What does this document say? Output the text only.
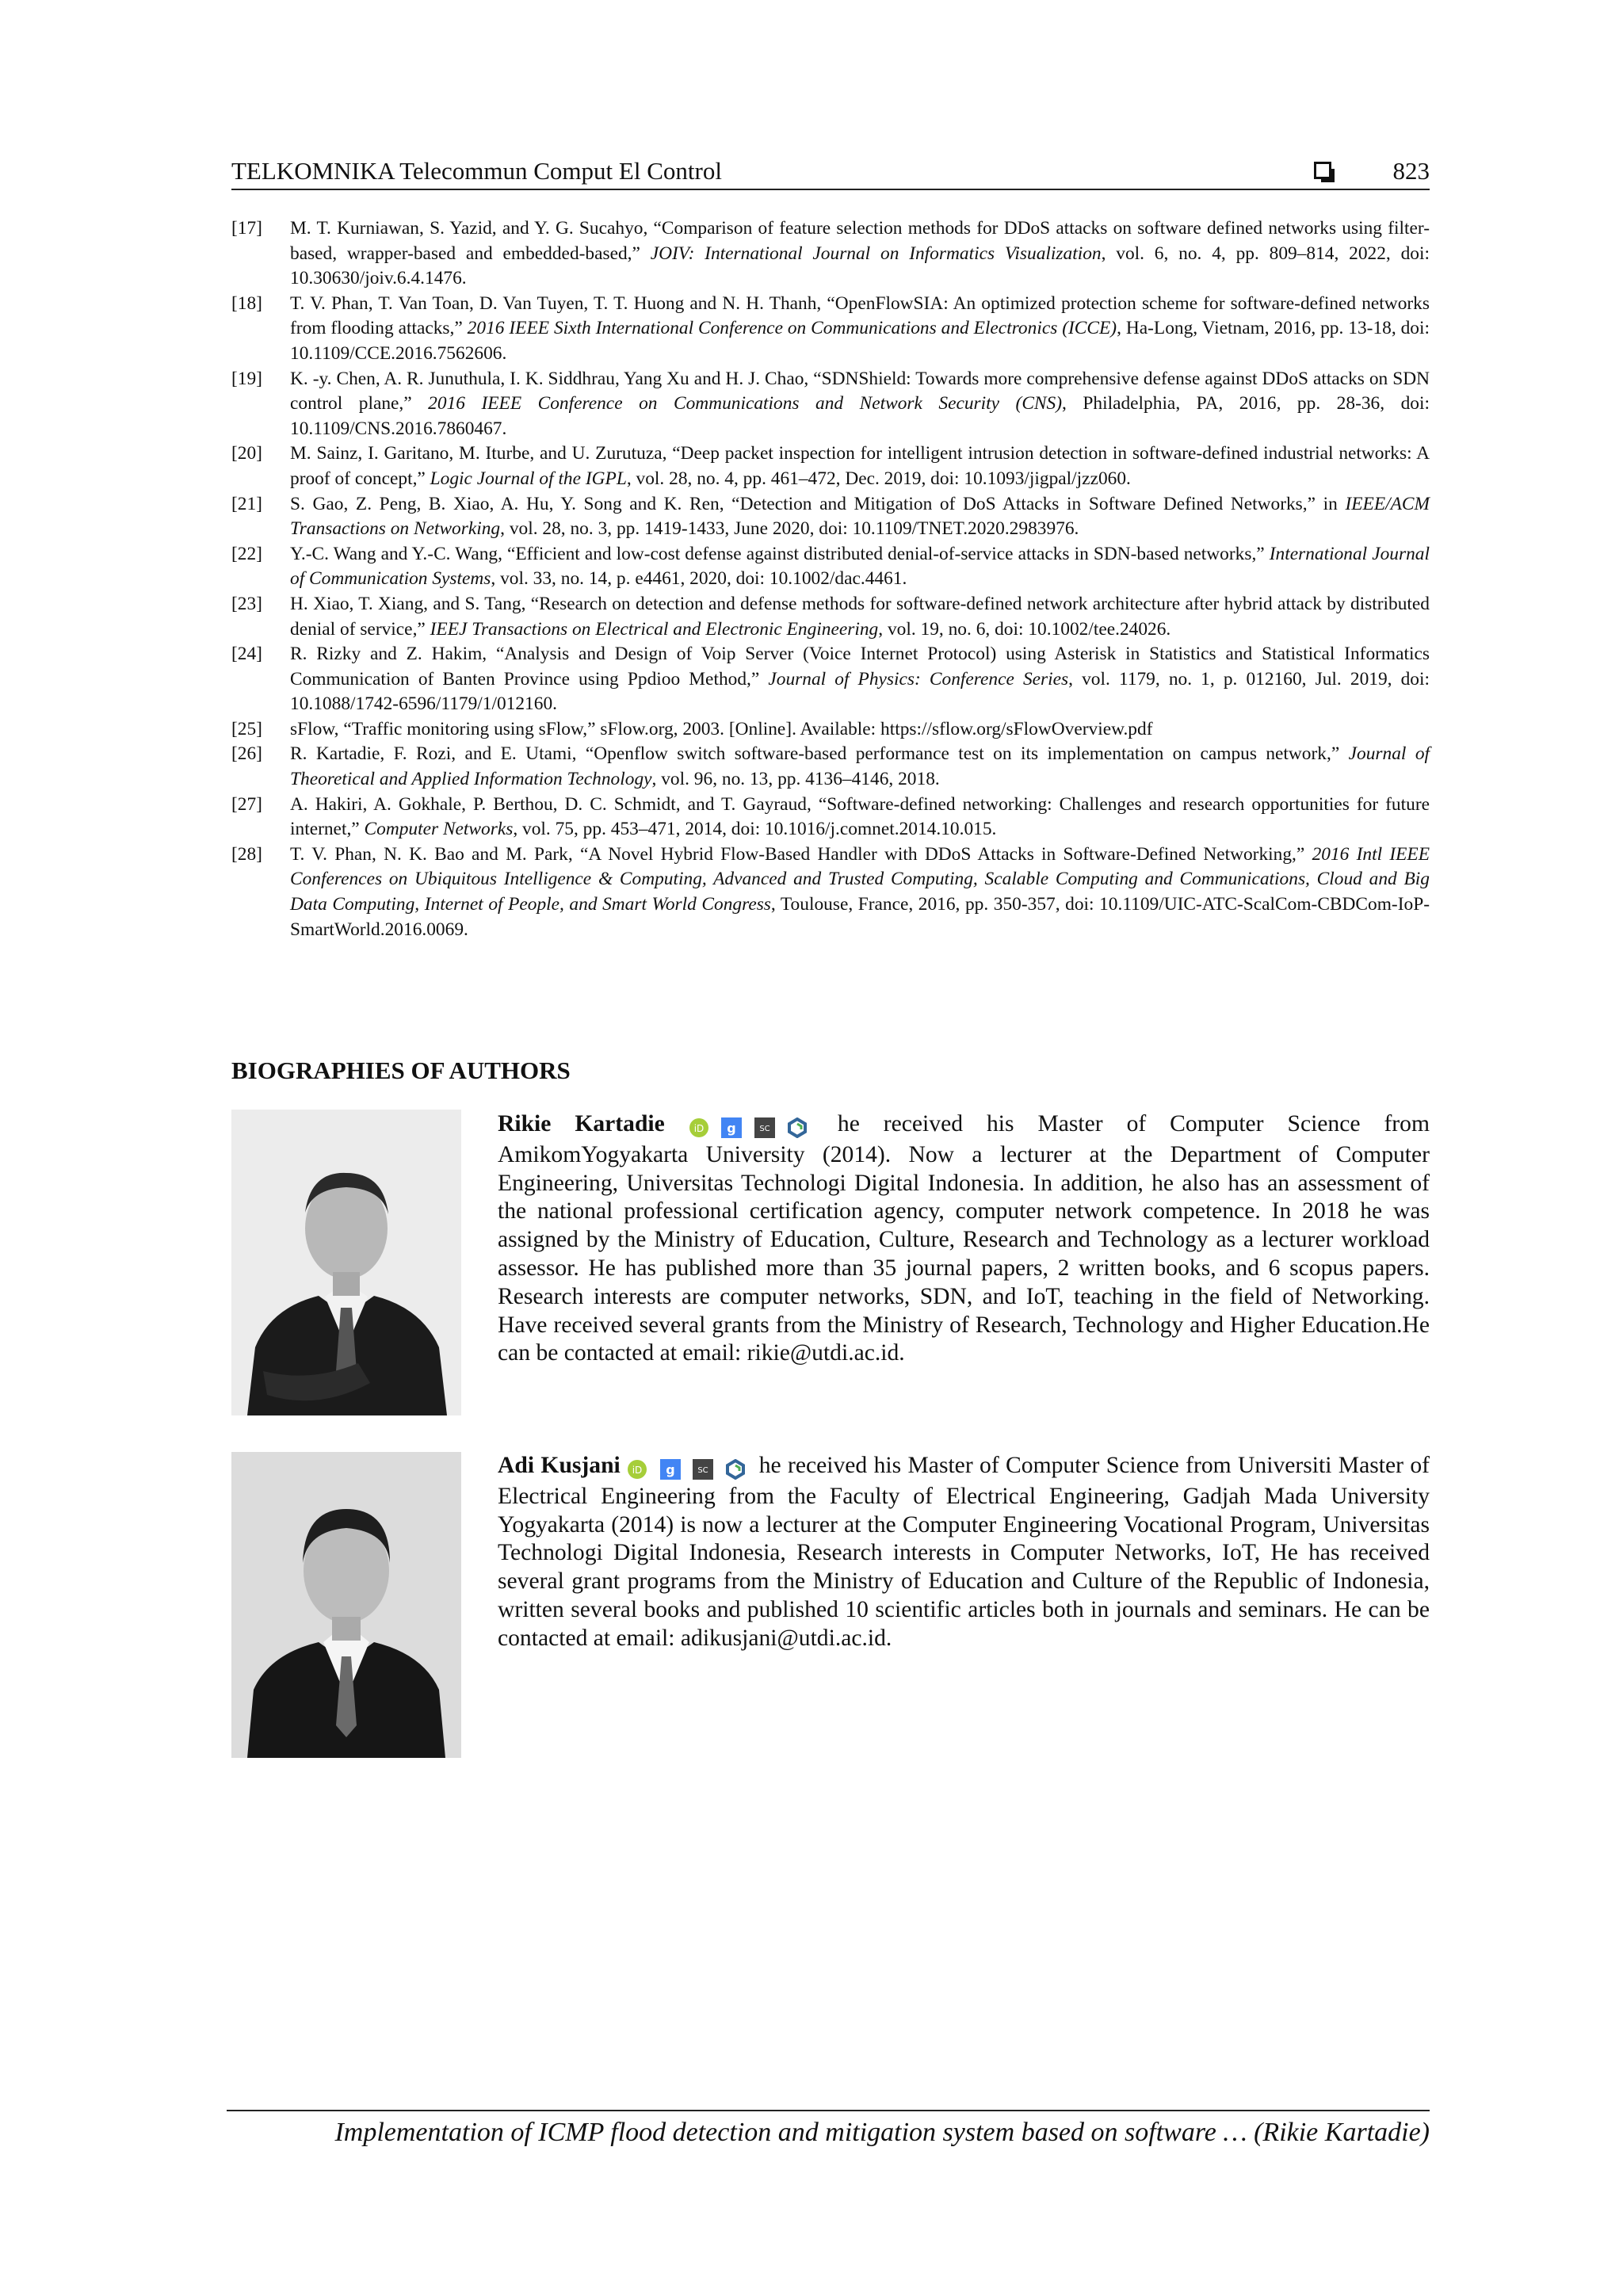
TELKOMNIKA Telecommun Comput El Control	823
[17] M. T. Kurniawan, S. Yazid, and Y. G. Sucahyo, “Comparison of feature selection methods for DDoS attacks on software defined networks using filter-based, wrapper-based and embedded-based,” JOIV: International Journal on Informatics Visualization, vol. 6, no. 4, pp. 809–814, 2022, doi: 10.30630/joiv.6.4.1476.
[18] T. V. Phan, T. Van Toan, D. Van Tuyen, T. T. Huong and N. H. Thanh, “OpenFlowSIA: An optimized protection scheme for software-defined networks from flooding attacks,” 2016 IEEE Sixth International Conference on Communications and Electronics (ICCE), Ha-Long, Vietnam, 2016, pp. 13-18, doi: 10.1109/CCE.2016.7562606.
[19] K. -y. Chen, A. R. Junuthula, I. K. Siddhrau, Yang Xu and H. J. Chao, “SDNShield: Towards more comprehensive defense against DDoS attacks on SDN control plane,” 2016 IEEE Conference on Communications and Network Security (CNS), Philadelphia, PA, 2016, pp. 28-36, doi: 10.1109/CNS.2016.7860467.
[20] M. Sainz, I. Garitano, M. Iturbe, and U. Zurutuza, “Deep packet inspection for intelligent intrusion detection in software-defined industrial networks: A proof of concept,” Logic Journal of the IGPL, vol. 28, no. 4, pp. 461–472, Dec. 2019, doi: 10.1093/jigpal/jzz060.
[21] S. Gao, Z. Peng, B. Xiao, A. Hu, Y. Song and K. Ren, “Detection and Mitigation of DoS Attacks in Software Defined Networks,” in IEEE/ACM Transactions on Networking, vol. 28, no. 3, pp. 1419-1433, June 2020, doi: 10.1109/TNET.2020.2983976.
[22] Y.-C. Wang and Y.-C. Wang, “Efficient and low-cost defense against distributed denial-of-service attacks in SDN-based networks,” International Journal of Communication Systems, vol. 33, no. 14, p. e4461, 2020, doi: 10.1002/dac.4461.
[23] H. Xiao, T. Xiang, and S. Tang, “Research on detection and defense methods for software-defined network architecture after hybrid attack by distributed denial of service,” IEEJ Transactions on Electrical and Electronic Engineering, vol. 19, no. 6, doi: 10.1002/tee.24026.
[24] R. Rizky and Z. Hakim, “Analysis and Design of Voip Server (Voice Internet Protocol) using Asterisk in Statistics and Statistical Informatics Communication of Banten Province using Ppdioo Method,” Journal of Physics: Conference Series, vol. 1179, no. 1, p. 012160, Jul. 2019, doi: 10.1088/1742-6596/1179/1/012160.
[25] sFlow, “Traffic monitoring using sFlow,” sFlow.org, 2003. [Online]. Available: https://sflow.org/sFlowOverview.pdf
[26] R. Kartadie, F. Rozi, and E. Utami, “Openflow switch software-based performance test on its implementation on campus network,” Journal of Theoretical and Applied Information Technology, vol. 96, no. 13, pp. 4136–4146, 2018.
[27] A. Hakiri, A. Gokhale, P. Berthou, D. C. Schmidt, and T. Gayraud, “Software-defined networking: Challenges and research opportunities for future internet,” Computer Networks, vol. 75, pp. 453–471, 2014, doi: 10.1016/j.comnet.2014.10.015.
[28] T. V. Phan, N. K. Bao and M. Park, “A Novel Hybrid Flow-Based Handler with DDoS Attacks in Software-Defined Networking,” 2016 Intl IEEE Conferences on Ubiquitous Intelligence & Computing, Advanced and Trusted Computing, Scalable Computing and Communications, Cloud and Big Data Computing, Internet of People, and Smart World Congress, Toulouse, France, 2016, pp. 350-357, doi: 10.1109/UIC-ATC-ScalCom-CBDCom-IoP-SmartWorld.2016.0069.
BIOGRAPHIES OF AUTHORS
Rikie Kartadie	iD
g
	SC he received his Master of Computer Science from AmikomYogyakarta University (2014). Now a lecturer at the Department of Computer Engineering, Universitas Technologi Digital Indonesia. In addition, he also has an assessment of the national professional certification agency, computer network competence. In 2018 he was assigned by the Ministry of Education, Culture, Research and Technology as a lecturer workload assessor. He has published more than 35 journal papers, 2 written books, and 6 scopus papers. Research interests are computer networks, SDN, and IoT, teaching in the field of Networking. Have received several grants from the Ministry of Research, Technology and Higher Education.He can be contacted at email: rikie@utdi.ac.id.
Adi Kusjani iD
g
	SC he received his Master of Computer Science from Universiti Master of Electrical Engineering from the Faculty of Electrical Engineering, Gadjah Mada University Yogyakarta (2014) is now a lecturer at the Computer Engineering Vocational Program, Universitas Technologi Digital Indonesia, Research interests in Computer Networks, IoT, He has received several grant programs from the Ministry of Education and Culture of the Republic of Indonesia, written several books and published 10 scientific articles both in journals and seminars. He can be contacted at email: adikusjani@utdi.ac.id.
Implementation of ICMP flood detection and mitigation system based on software … (Rikie Kartadie)
